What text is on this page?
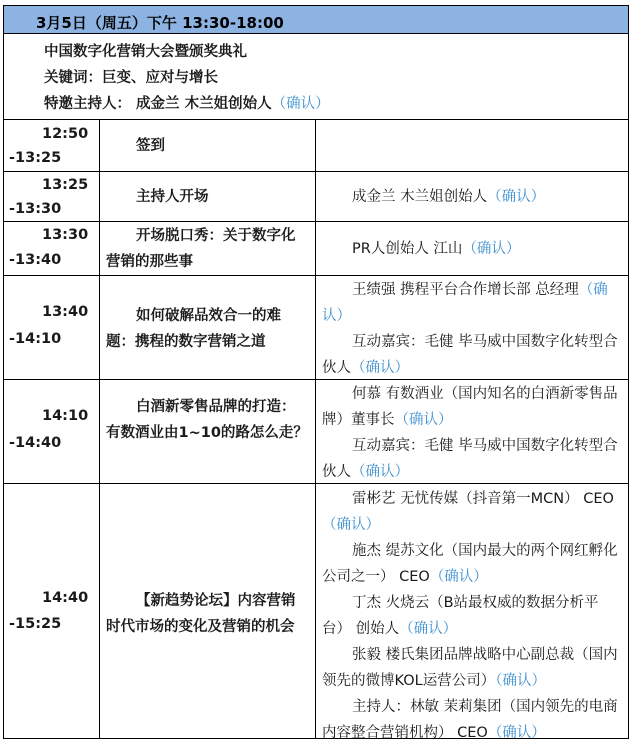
3月5日（周五）下午 13:30-18:00
中国数字化营销大会暨颁奖典礼
关键词：巨变、应对与增长
特邀主持人： 成金兰 木兰姐创始人（确认）
12:50
-13:25
签到
13:25
-13:30
主持人开场	成金兰 木兰姐创始人（确认）
13:30
-13:40
开场脱口秀：关于数字化营销的那些事
PR人创始人 江山（确认）
13:40
-14:10
如何破解品效合一的难题：携程的数字营销之道
王绩强 携程平台合作增长部 总经理（确认）
互动嘉宾：毛健 毕马威中国数字化转型合伙人（确认）
14:10
-14:40
白酒新零售品牌的打造：有数酒业由1~10的路怎么走？
何慕 有数酒业（国内知名的白酒新零售品牌）董事长（确认）
互动嘉宾：毛健 毕马威中国数字化转型合伙人（确认）
14:40
-15:25
【新趋势论坛】内容营销时代市场的变化及营销的机会
雷彬艺 无忧传媒（抖音第一MCN） CEO（确认）
施杰 缇苏文化（国内最大的两个网红孵化公司之一） CEO（确认）
丁杰 火烧云（B站最权威的数据分析平台） 创始人（确认）
张毅 楼氏集团品牌战略中心副总裁（国内领先的微博KOL运营公司）（确认）
主持人：林敏 茉莉集团（国内领先的电商内容整合营销机构） CEO（确认）
